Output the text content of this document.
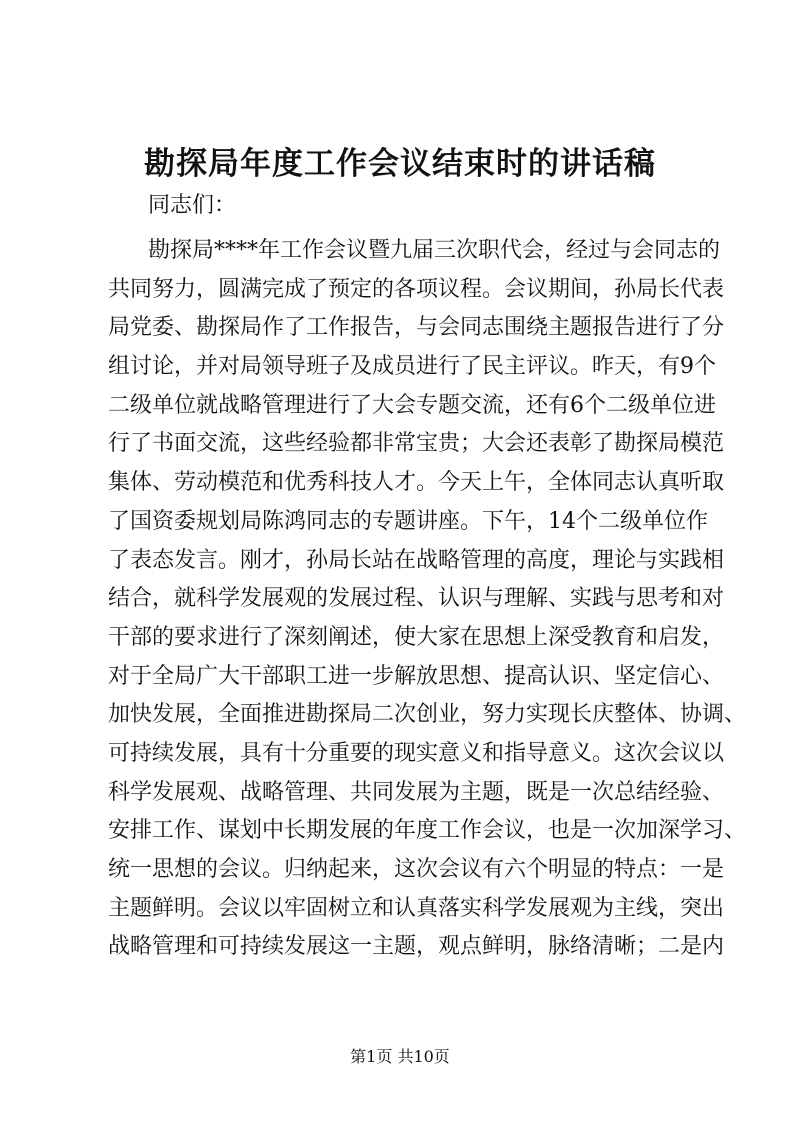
勘探局年度工作会议结束时的讲话稿

同志们：

勘探局****年工作会议暨九届三次职代会，经过与会同志的
共同努力，圆满完成了预定的各项议程。会议期间，孙局长代表
局党委、勘探局作了工作报告，与会同志围绕主题报告进行了分
组讨论，并对局领导班子及成员进行了民主评议。昨天，有9个
二级单位就战略管理进行了大会专题交流，还有6个二级单位进
行了书面交流，这些经验都非常宝贵；大会还表彰了勘探局模范
集体、劳动模范和优秀科技人才。今天上午，全体同志认真听取
了国资委规划局陈鸿同志的专题讲座。下午，14个二级单位作
了表态发言。刚才，孙局长站在战略管理的高度，理论与实践相
结合，就科学发展观的发展过程、认识与理解、实践与思考和对
干部的要求进行了深刻阐述，使大家在思想上深受教育和启发，
对于全局广大干部职工进一步解放思想、提高认识、坚定信心、
加快发展，全面推进勘探局二次创业，努力实现长庆整体、协调、
可持续发展，具有十分重要的现实意义和指导意义。这次会议以
科学发展观、战略管理、共同发展为主题，既是一次总结经验、
安排工作、谋划中长期发展的年度工作会议，也是一次加深学习、
统一思想的会议。归纳起来，这次会议有六个明显的特点：一是
主题鲜明。会议以牢固树立和认真落实科学发展观为主线，突出
战略管理和可持续发展这一主题，观点鲜明，脉络清晰；二是内
第1页 共10页
